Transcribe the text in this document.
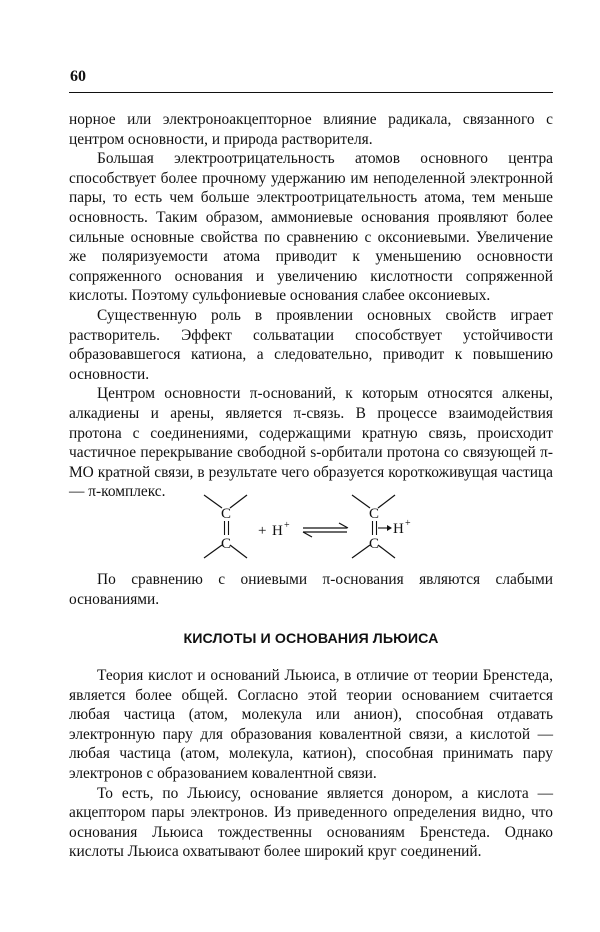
60

норное или электроноакцепторное влияние радикала, связанного с центром основности, и природа растворителя.

Большая электроотрицательность атомов основного центра способствует более прочному удержанию им неподеленной электронной пары, то есть чем больше электроотрицательность атома, тем меньше основность. Таким образом, аммониевые основания проявляют более сильные основные свойства по сравнению с оксониевыми. Увеличение же поляризуемости атома приводит к уменьшению основности сопряженного основания и увеличению кислотности сопряженной кислоты. Поэтому сульфониевые основания слабее оксониевых.

Существенную роль в проявлении основных свойств играет растворитель. Эффект сольватации способствует устойчивости образовавшегося катиона, а следовательно, приводит к повышению основности.

Центром основности π-оснований, к которым относятся алкены, алкадиены и арены, является π-связь. В процессе взаимодействия протона с соединениями, содержащими кратную связь, происходит частичное перекрывание свободной s-орбитали протона со связующей π-МО кратной связи, в результате чего образуется короткоживущая частица — π-комплекс.

C
C
+ H +
C
H +
C

По сравнению с ониевыми π-основания являются слабыми основаниями.

КИСЛОТЫ И ОСНОВАНИЯ ЛЬЮИСА

Теория кислот и оснований Льюиса, в отличие от теории Бренстеда, является более общей. Согласно этой теории основанием считается любая частица (атом, молекула или анион), способная отдавать электронную пару для образования ковалентной связи, а кислотой — любая частица (атом, молекула, катион), способная принимать пару электронов с образованием ковалентной связи.

То есть, по Льюису, основание является донором, а кислота — акцептором пары электронов. Из приведенного определения видно, что основания Льюиса тождественны основаниям Бренстеда. Однако кислоты Льюиса охватывают более широкий круг соединений.
